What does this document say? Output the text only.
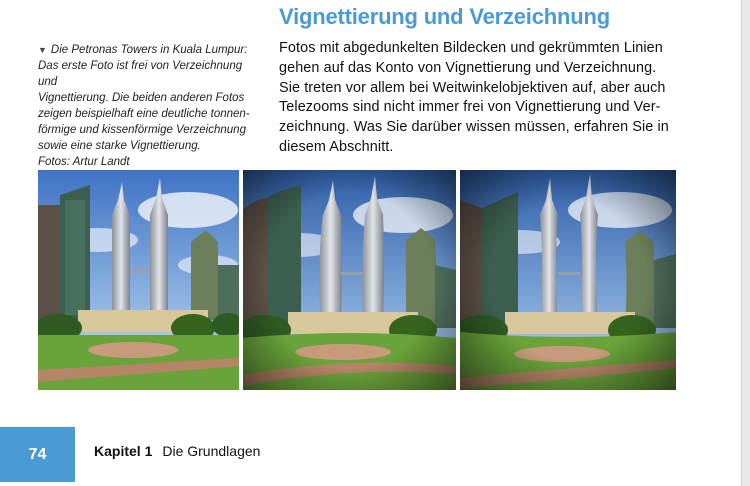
Vignettierung und Verzeichnung
▼ Die Petronas Towers in Kuala Lumpur:
Das erste Foto ist frei von Verzeichnung und
Vignettierung. Die beiden anderen Fotos
zeigen beispielhaft eine deutliche tonnen-
förmige und kissenförmige Verzeichnung
sowie eine starke Vignettierung.
Fotos: Artur Landt
Fotos mit abgedunkelten Bildecken und gekrümmten Linien
gehen auf das Konto von Vignettierung und Verzeichnung.
Sie treten vor allem bei Weitwinkelobjektiven auf, aber auch
Telezooms sind nicht immer frei von Vignettierung und Ver-
zeichnung. Was Sie darüber wissen müssen, erfahren Sie in
diesem Abschnitt.
74	Kapitel 1 Die Grundlagen
